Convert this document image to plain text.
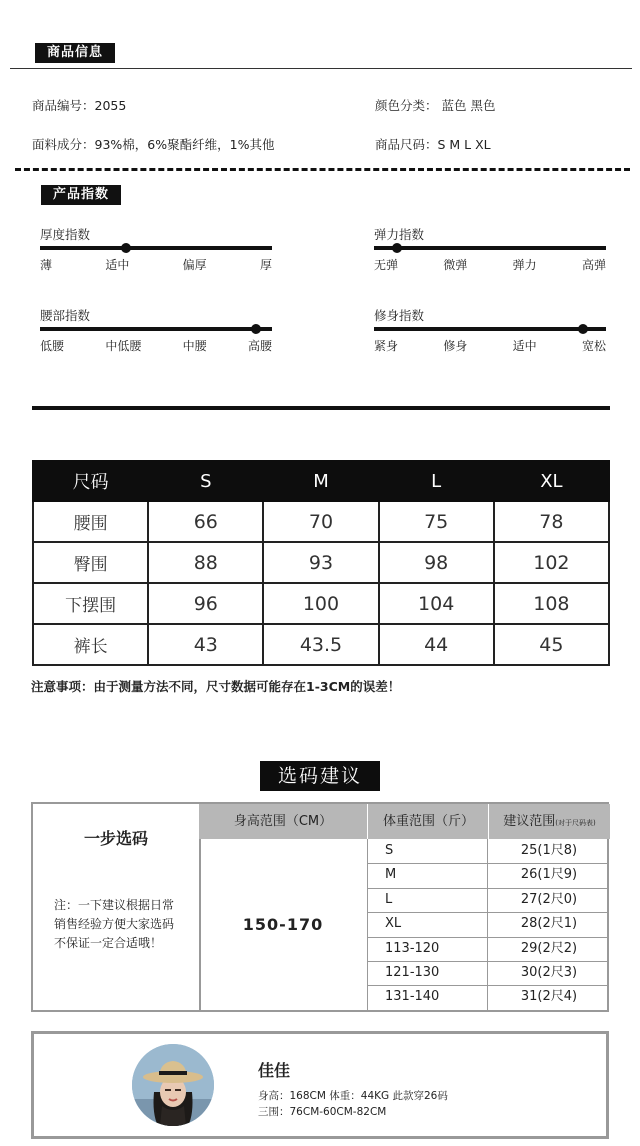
商品信息
商品编号：2055	颜色分类： 蓝色 黑色
面料成分：93%棉，6%聚酯纤维，1%其他	商品尺码：S M L XL
产品指数
厚度指数
薄	适中	偏厚	厚
弹力指数
无弹	微弹	弹力	高弹
腰部指数
低腰	中低腰	中腰	高腰
修身指数
紧身	修身	适中	宽松
尺码	S	M	L	XL
腰围	66	70	75	78
臀围	88	93	98	102
下摆围	96	100	104	108
裤长	43	43.5	44	45
注意事项：由于测量方法不同，尺寸数据可能存在1-3CM的误差！
选码建议
一步选码
注：一下建议根据日常
销售经验方便大家选码
不保证一定合适哦！
身高范围（CM）	体重范围（斤）	建议范围(对于尺码表)
150-170
S	25(1尺8)
M	26(1尺9)
L	27(2尺0)
XL	28(2尺1)
113-120	29(2尺2)
121-130	30(2尺3)
131-140	31(2尺4)
佳佳
身高：168CM 体重：44KG 此款穿26码
三围：76CM-60CM-82CM
